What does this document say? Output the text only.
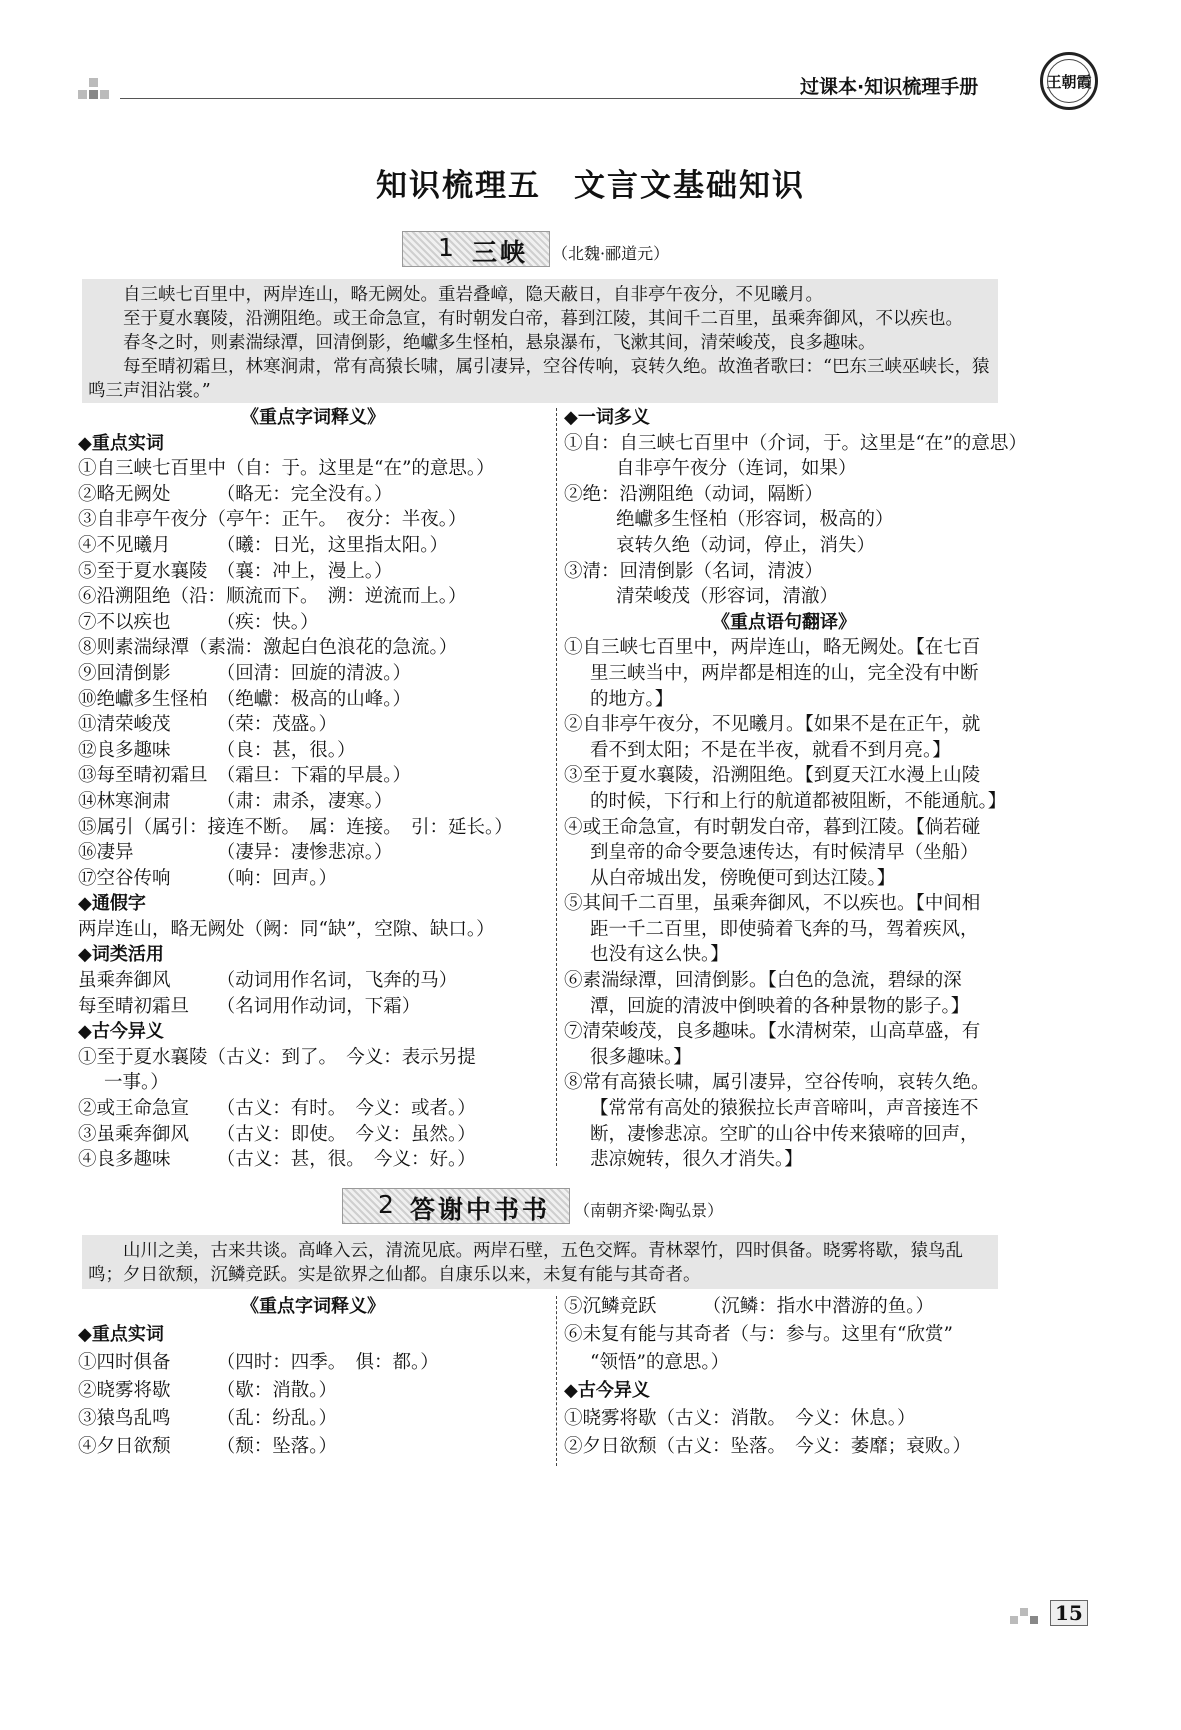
过课本·知识梳理手册	王朝霞
知识梳理五　文言文基础知识
1 三峡 （北魏·郦道元）

自三峡七百里中，两岸连山，略无阙处。重岩叠嶂，隐天蔽日，自非亭午夜分，不见曦月。

至于夏水襄陵，沿溯阻绝。或王命急宣，有时朝发白帝，暮到江陵，其间千二百里，虽乘奔御风，不以疾也。

春冬之时，则素湍绿潭，回清倒影，绝巘多生怪柏，悬泉瀑布，飞漱其间，清荣峻茂，良多趣味。

每至晴初霜旦，林寒涧肃，常有高猿长啸，属引凄异，空谷传响，哀转久绝。故渔者歌曰：“巴东三峡巫峡长，猿鸣三声泪沾裳。”

《重点字词释义》
◆重点实词
①自三峡七百里中（自：于。这里是“在”的意思。）
②略无阙处　　　（略无：完全没有。）
③自非亭午夜分（亭午：正午。　夜分：半夜。）
④不见曦月　　　（曦：日光，这里指太阳。）
⑤至于夏水襄陵　（襄：冲上，漫上。）
⑥沿溯阻绝（沿：顺流而下。　溯：逆流而上。）
⑦不以疾也　　　（疾：快。）
⑧则素湍绿潭（素湍：激起白色浪花的急流。）
⑨回清倒影　　　（回清：回旋的清波。）
⑩绝巘多生怪柏　（绝巘：极高的山峰。）
⑪清荣峻茂　　　（荣：茂盛。）
⑫良多趣味　　　（良：甚，很。）
⑬每至晴初霜旦　（霜旦：下霜的早晨。）
⑭林寒涧肃　　　（肃：肃杀，凄寒。）
⑮属引（属引：接连不断。　属：连接。　引：延长。）
⑯凄异　　　　　（凄异：凄惨悲凉。）
⑰空谷传响　　　（响：回声。）
◆通假字
两岸连山，略无阙处（阙：同“缺”，空隙、缺口。）
◆词类活用
虽乘奔御风　　　（动词用作名词，飞奔的马）
每至晴初霜旦　　（名词用作动词，下霜）
◆古今异义
①至于夏水襄陵（古义：到了。　今义：表示另提
一事。）
②或王命急宣　　（古义：有时。　今义：或者。）
③虽乘奔御风　　（古义：即使。　今义：虽然。）
④良多趣味　　　（古义：甚，很。　今义：好。）
◆一词多义
①自：自三峡七百里中（介词，于。这里是“在”的意思）
自非亭午夜分（连词，如果）
②绝：沿溯阻绝（动词，隔断）
绝巘多生怪柏（形容词，极高的）
哀转久绝（动词，停止，消失）
③清：回清倒影（名词，清波）
清荣峻茂（形容词，清澈）
《重点语句翻译》
①自三峡七百里中，两岸连山，略无阙处。【在七百
里三峡当中，两岸都是相连的山，完全没有中断
的地方。】
②自非亭午夜分，不见曦月。【如果不是在正午，就
看不到太阳；不是在半夜，就看不到月亮。】
③至于夏水襄陵，沿溯阻绝。【到夏天江水漫上山陵
的时候，下行和上行的航道都被阻断，不能通航。】
④或王命急宣，有时朝发白帝，暮到江陵。【倘若碰
到皇帝的命令要急速传达，有时候清早（坐船）
从白帝城出发，傍晚便可到达江陵。】
⑤其间千二百里，虽乘奔御风，不以疾也。【中间相
距一千二百里，即使骑着飞奔的马，驾着疾风，
也没有这么快。】
⑥素湍绿潭，回清倒影。【白色的急流，碧绿的深
潭，回旋的清波中倒映着的各种景物的影子。】
⑦清荣峻茂，良多趣味。【水清树荣，山高草盛，有
很多趣味。】
⑧常有高猿长啸，属引凄异，空谷传响，哀转久绝。
【常常有高处的猿猴拉长声音啼叫，声音接连不
断，凄惨悲凉。空旷的山谷中传来猿啼的回声，
悲凉婉转，很久才消失。】
2 答谢中书书 （南朝齐梁·陶弘景）

山川之美，古来共谈。高峰入云，清流见底。两岸石壁，五色交辉。青林翠竹，四时俱备。晓雾将歇，猿鸟乱鸣；夕日欲颓，沉鳞竞跃。实是欲界之仙都。自康乐以来，未复有能与其奇者。

《重点字词释义》
◆重点实词
①四时俱备　　　（四时：四季。　俱：都。）
②晓雾将歇　　　（歇：消散。）
③猿鸟乱鸣　　　（乱：纷乱。）
④夕日欲颓　　　（颓：坠落。）
⑤沉鳞竞跃　　　（沉鳞：指水中潜游的鱼。）
⑥未复有能与其奇者（与：参与。这里有“欣赏”
“领悟”的意思。）
◆古今异义
①晓雾将歇（古义：消散。　今义：休息。）
②夕日欲颓（古义：坠落。　今义：萎靡；衰败。）
15
